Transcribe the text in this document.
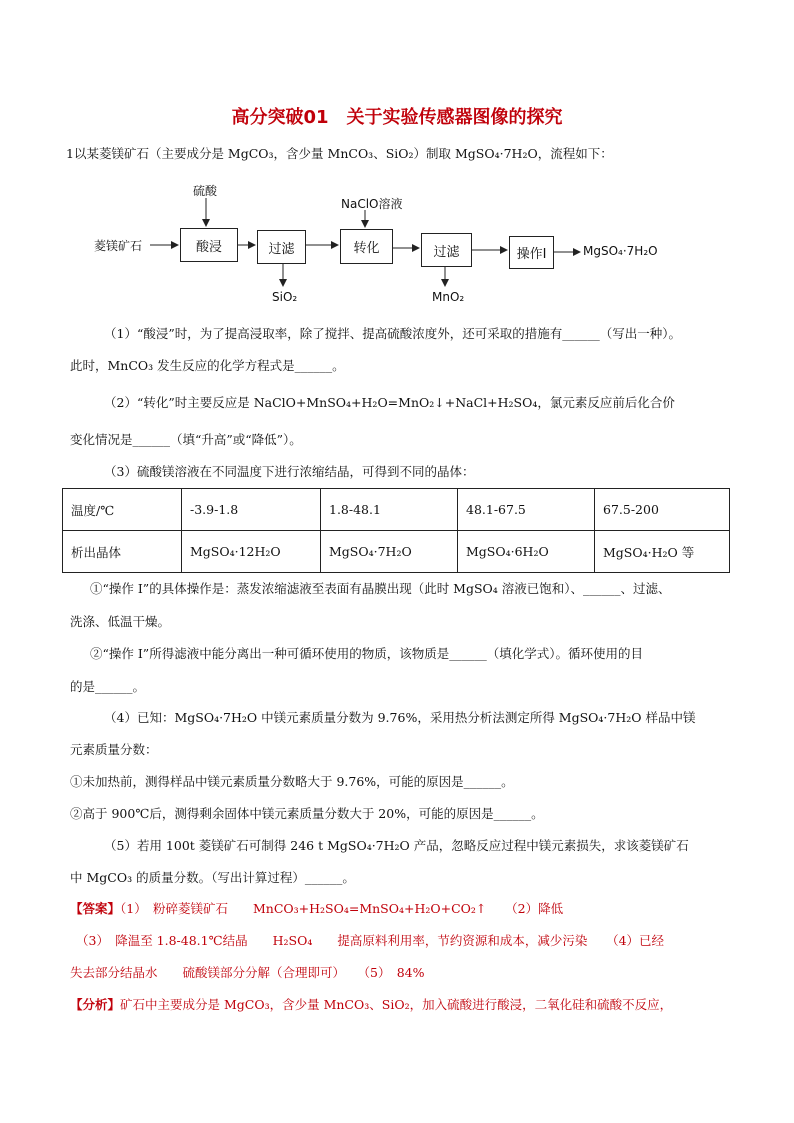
高分突破01　关于实验传感器图像的探究
1以某菱镁矿石（主要成分是 MgCO₃，含少量 MnCO₃、SiO₂）制取 MgSO₄·7H₂O，流程如下：
菱镁矿石
硫酸
NaClO溶液
酸浸	过滤	转化	过滤	操作I
SiO₂	MnO₂
MgSO₄·7H₂O
（1）“酸浸”时，为了提高浸取率，除了搅拌、提高硫酸浓度外，还可采取的措施有______（写出一种）。
此时，MnCO₃ 发生反应的化学方程式是______。
（2）“转化”时主要反应是 NaClO+MnSO₄+H₂O=MnO₂↓+NaCl+H₂SO₄，氯元素反应前后化合价
变化情况是______（填“升高”或“降低”）。
（3）硫酸镁溶液在不同温度下进行浓缩结晶，可得到不同的晶体：
温度/℃	-3.9-1.8	1.8-48.1	48.1-67.5	67.5-200
析出晶体	MgSO₄·12H₂O	MgSO₄·7H₂O	MgSO₄·6H₂O	MgSO₄·H₂O 等
①“操作 I”的具体操作是：蒸发浓缩滤液至表面有晶膜出现（此时 MgSO₄ 溶液已饱和）、______、过滤、
洗涤、低温干燥。
②“操作 I”所得滤液中能分离出一种可循环使用的物质，该物质是______（填化学式）。循环使用的目
的是______。
（4）已知：MgSO₄·7H₂O 中镁元素质量分数为 9.76%，采用热分析法测定所得 MgSO₄·7H₂O 样品中镁
元素质量分数：
①未加热前，测得样品中镁元素质量分数略大于 9.76%，可能的原因是______。
②高于 900℃后，测得剩余固体中镁元素质量分数大于 20%，可能的原因是______。
（5）若用 100t 菱镁矿石可制得 246 t MgSO₄·7H₂O 产品，忽略反应过程中镁元素损失，求该菱镁矿石
中 MgCO₃ 的质量分数。（写出计算过程）______。
【答案】（1）　粉碎菱镁矿石　　MnCO₃+H₂SO₄=MnSO₄+H₂O+CO₂↑　　（2）降低
（3）　降温至 1.8-48.1℃结晶　　H₂SO₄　　提高原料利用率，节约资源和成本，减少污染　　（4）已经
失去部分结晶水　　硫酸镁部分分解（合理即可）　　（5）　84%
【分析】矿石中主要成分是 MgCO₃，含少量 MnCO₃、SiO₂，加入硫酸进行酸浸，二氧化硅和硫酸不反应，
